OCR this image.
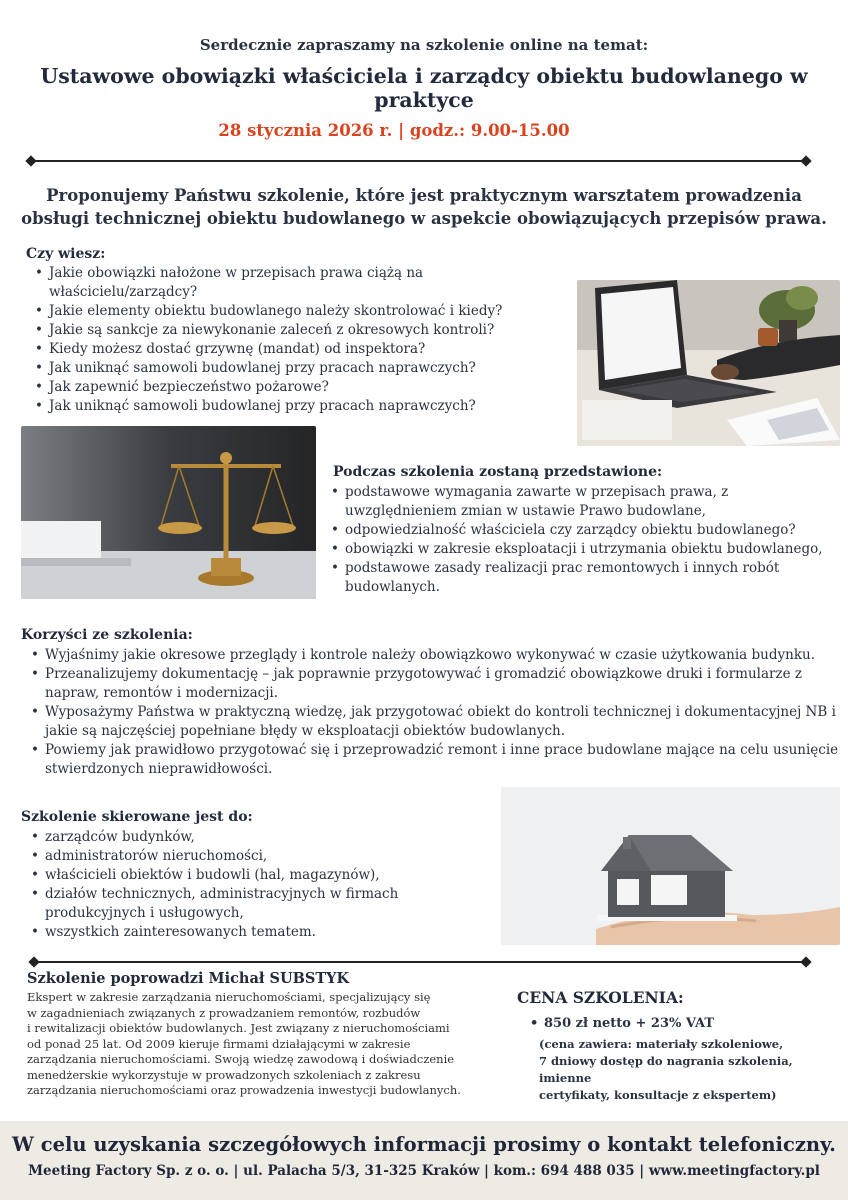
Serdecznie zapraszamy na szkolenie online na temat:
Ustawowe obowiązki właściciela i zarządcy obiektu budowlanego w praktyce
28 stycznia 2026 r. | godz.: 9.00-15.00
Proponujemy Państwu szkolenie, które jest praktycznym warsztatem prowadzenia
obsługi technicznej obiektu budowlanego w aspekcie obowiązujących przepisów prawa.
Czy wiesz:
• Jakie obowiązki nałożone w przepisach prawa ciążą na właścicielu/zarządcy?
• Jakie elementy obiektu budowlanego należy skontrolować i kiedy?
• Jakie są sankcje za niewykonanie zaleceń z okresowych kontroli?
• Kiedy możesz dostać grzywnę (mandat) od inspektora?
• Jak uniknąć samowoli budowlanej przy pracach naprawczych?
• Jak zapewnić bezpieczeństwo pożarowe?
• Jak uniknąć samowoli budowlanej przy pracach naprawczych?
Podczas szkolenia zostaną przedstawione:
• podstawowe wymagania zawarte w przepisach prawa, z uwzględnieniem zmian w ustawie Prawo budowlane,
• odpowiedzialność właściciela czy zarządcy obiektu budowlanego?
• obowiązki w zakresie eksploatacji i utrzymania obiektu budowlanego,
• podstawowe zasady realizacji prac remontowych i innych robót budowlanych.
Korzyści ze szkolenia:
• Wyjaśnimy jakie okresowe przeglądy i kontrole należy obowiązkowo wykonywać w czasie użytkowania budynku.
• Przeanalizujemy dokumentację – jak poprawnie przygotowywać i gromadzić obowiązkowe druki i formularze z napraw, remontów i modernizacji.
• Wyposażymy Państwa w praktyczną wiedzę, jak przygotować obiekt do kontroli technicznej i dokumentacyjnej NB i jakie są najczęściej popełniane błędy w eksploatacji obiektów budowlanych.
• Powiemy jak prawidłowo przygotować się i przeprowadzić remont i inne prace budowlane mające na celu usunięcie stwierdzonych nieprawidłowości.
Szkolenie skierowane jest do:
• zarządców budynków,
• administratorów nieruchomości,
• właścicieli obiektów i budowli (hal, magazynów),
• działów technicznych, administracyjnych w firmach produkcyjnych i usługowych,
• wszystkich zainteresowanych tematem.
Szkolenie poprowadzi Michał SUBSTYK
Ekspert w zakresie zarządzania nieruchomościami, specjalizujący się
w zagadnieniach związanych z prowadzaniem remontów, rozbudów
i rewitalizacji obiektów budowlanych. Jest związany z nieruchomościami
od ponad 25 lat. Od 2009 kieruje firmami działającymi w zakresie
zarządzania nieruchomościami. Swoją wiedzę zawodową i doświadczenie
menedżerskie wykorzystuje w prowadzonych szkoleniach z zakresu
zarządzania nieruchomościami oraz prowadzenia inwestycji budowlanych.
CENA SZKOLENIA:
• 850 zł netto + 23% VAT
(cena zawiera: materiały szkoleniowe,
7 dniowy dostęp do nagrania szkolenia, imienne
certyfikaty, konsultacje z ekspertem)
W celu uzyskania szczegółowych informacji prosimy o kontakt telefoniczny.
Meeting Factory Sp. z o. o. | ul. Palacha 5/3, 31-325 Kraków | kom.: 694 488 035 | www.meetingfactory.pl
